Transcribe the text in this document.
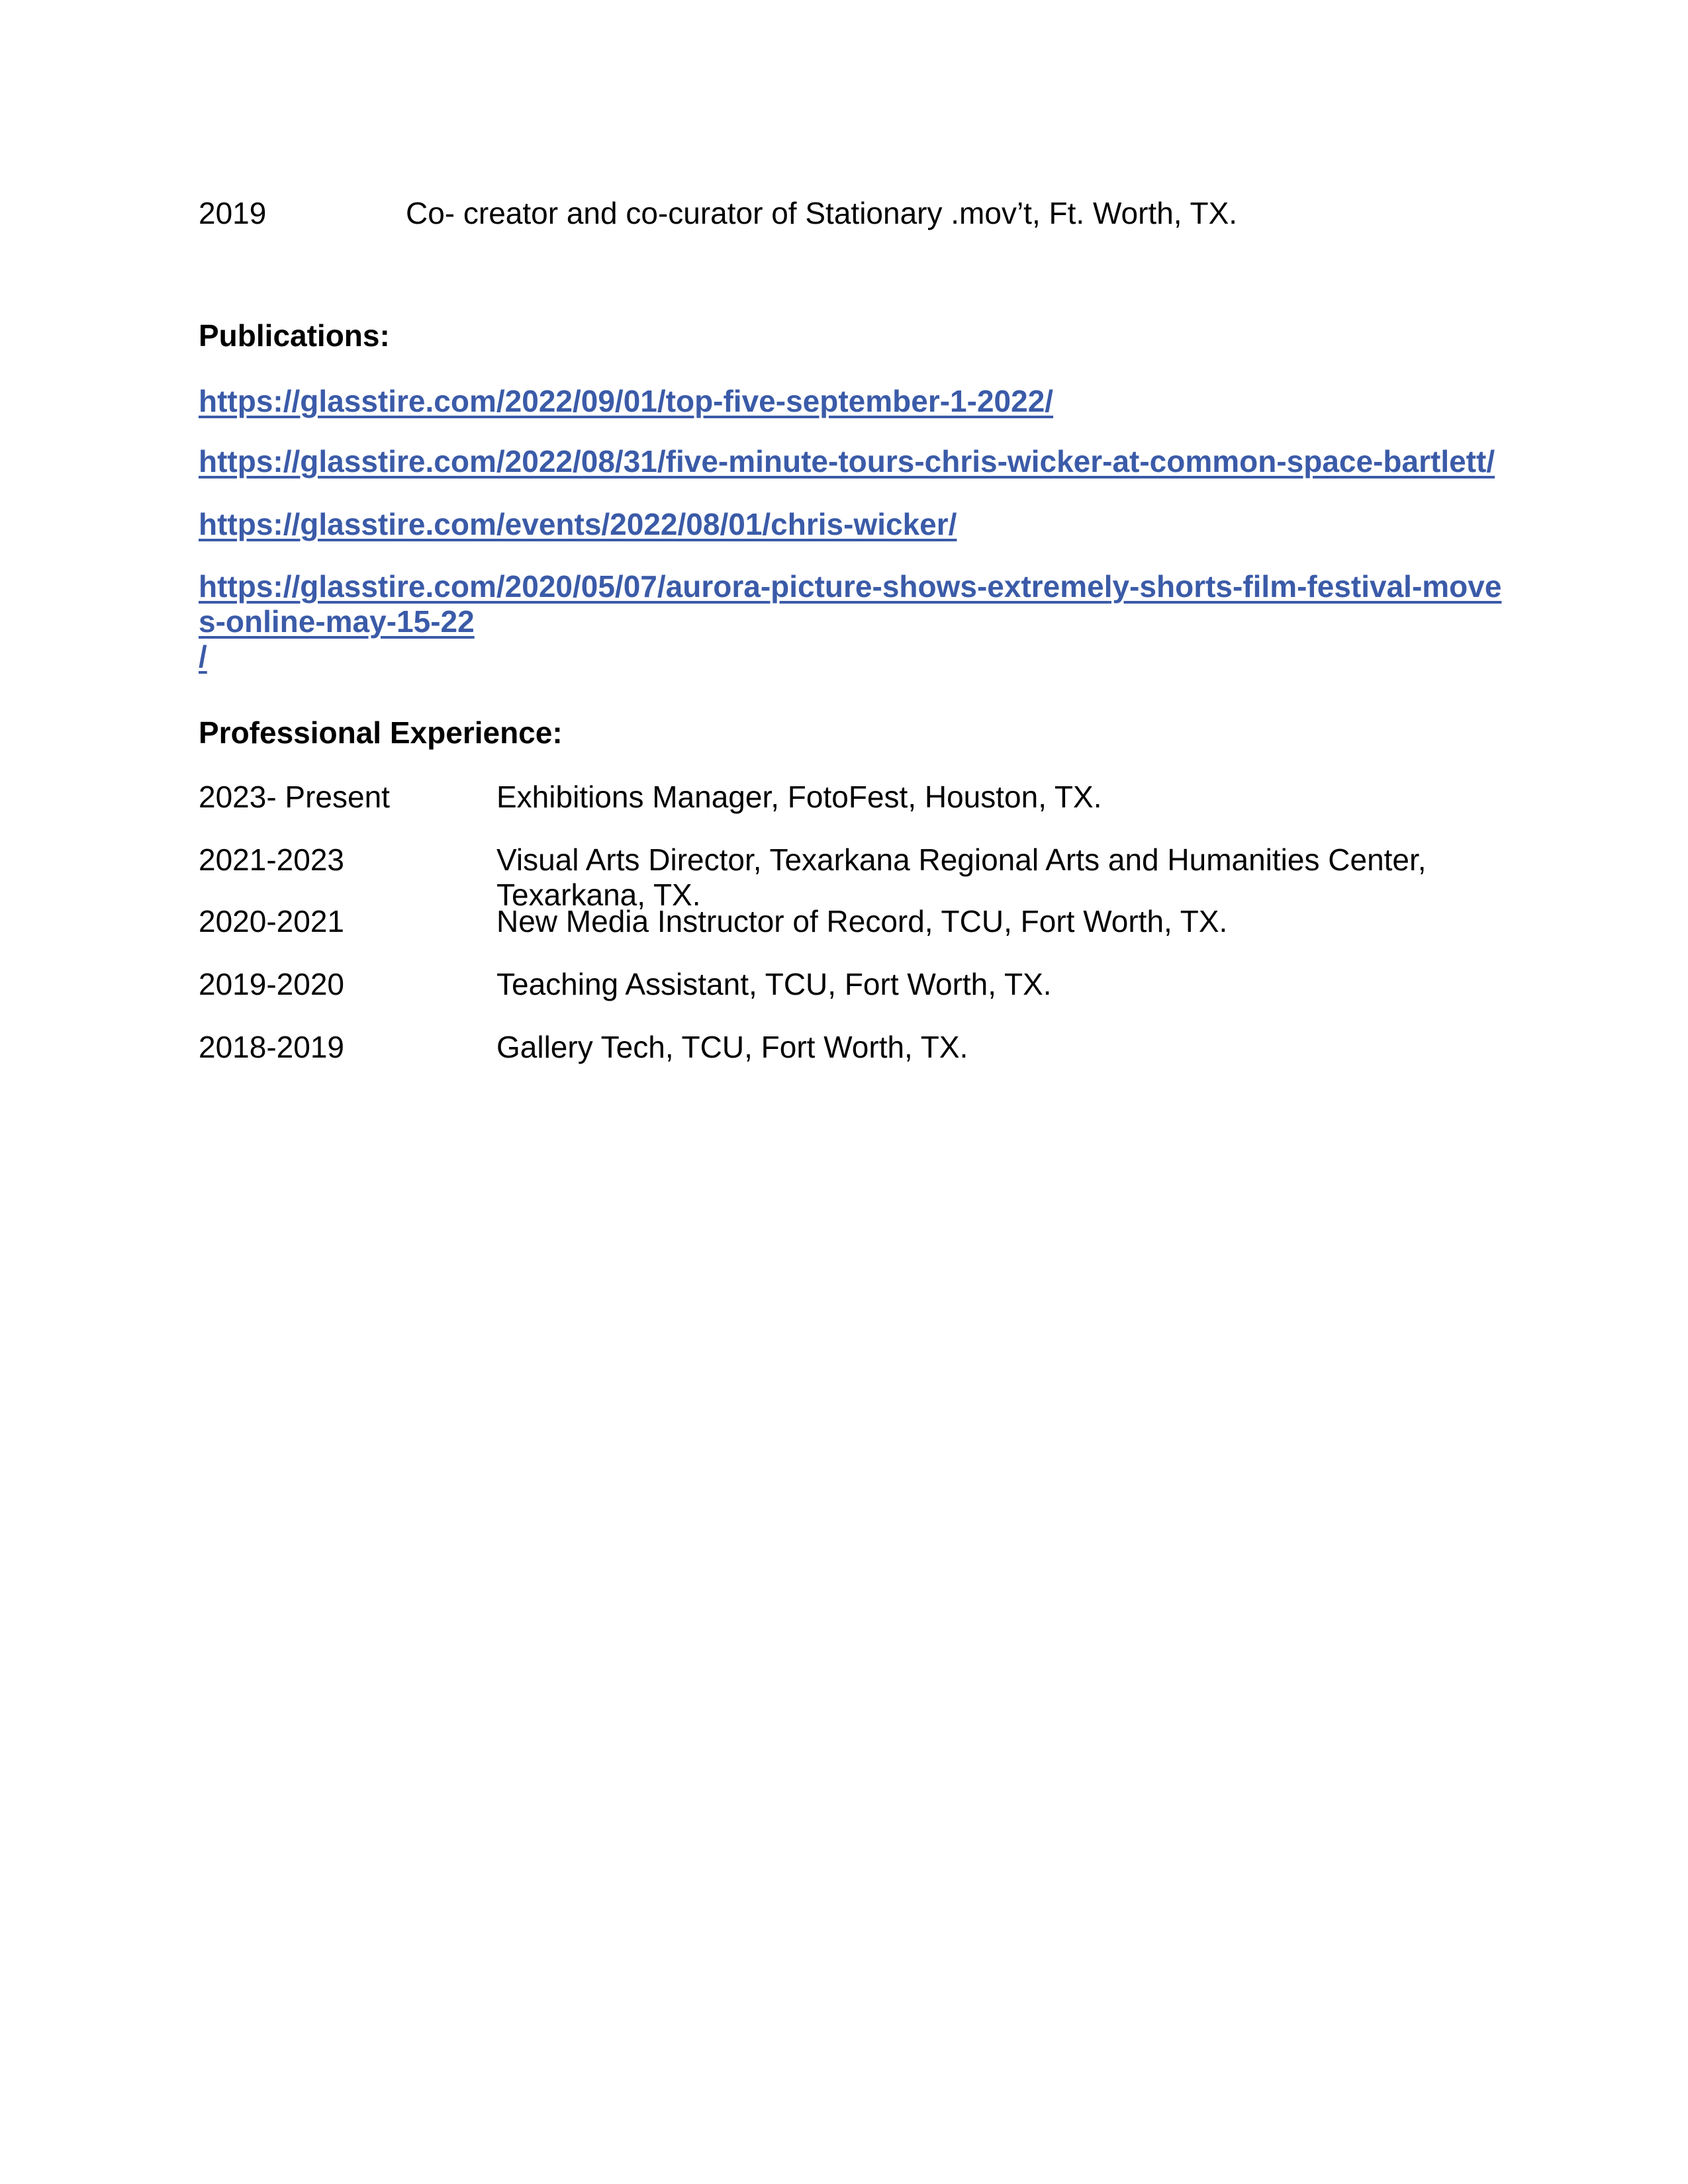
2019	Co- creator and co-curator of Stationary .mov’t, Ft. Worth, TX.

Publications:

https://glasstire.com/2022/09/01/top-five-september-1-2022/

https://glasstire.com/2022/08/31/five-minute-tours-chris-wicker-at-common-space-bartlett/

https://glasstire.com/events/2022/08/01/chris-wicker/

https://glasstire.com/2020/05/07/aurora-picture-shows-extremely-shorts-film-festival-moves-online-may-15-22
/

Professional Experience:

2023- Present	Exhibitions Manager, FotoFest, Houston, TX.

2021-2023	Visual Arts Director, Texarkana Regional Arts and Humanities Center, Texarkana, TX.

2020-2021	New Media Instructor of Record, TCU, Fort Worth, TX.

2019-2020	Teaching Assistant, TCU, Fort Worth, TX.

2018-2019	Gallery Tech, TCU, Fort Worth, TX.
